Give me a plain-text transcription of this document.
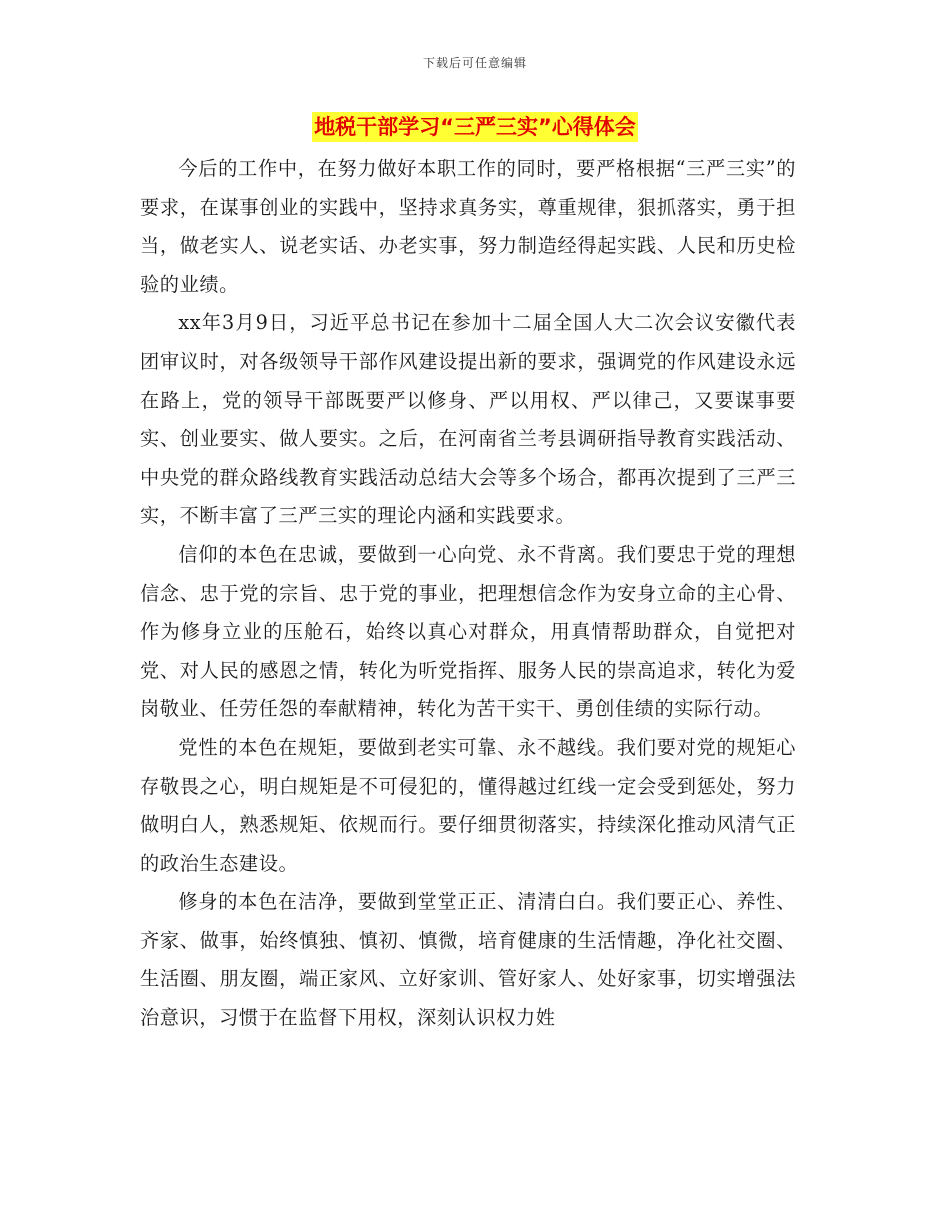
下载后可任意编辑
地税干部学习“三严三实”心得体会

今后的工作中，在努力做好本职工作的同时，要严格根据“三严三实”的要求，在谋事创业的实践中，坚持求真务实，尊重规律，狠抓落实，勇于担当，做老实人、说老实话、办老实事，努力制造经得起实践、人民和历史检验的业绩。

xx年3月9日，习近平总书记在参加十二届全国人大二次会议安徽代表团审议时，对各级领导干部作风建设提出新的要求，强调党的作风建设永远在路上，党的领导干部既要严以修身、严以用权、严以律己，又要谋事要实、创业要实、做人要实。之后，在河南省兰考县调研指导教育实践活动、中央党的群众路线教育实践活动总结大会等多个场合，都再次提到了三严三实，不断丰富了三严三实的理论内涵和实践要求。

信仰的本色在忠诚，要做到一心向党、永不背离。我们要忠于党的理想信念、忠于党的宗旨、忠于党的事业，把理想信念作为安身立命的主心骨、作为修身立业的压舱石，始终以真心对群众，用真情帮助群众，自觉把对党、对人民的感恩之情，转化为听党指挥、服务人民的崇高追求，转化为爱岗敬业、任劳任怨的奉献精神，转化为苦干实干、勇创佳绩的实际行动。

党性的本色在规矩，要做到老实可靠、永不越线。我们要对党的规矩心存敬畏之心，明白规矩是不可侵犯的，懂得越过红线一定会受到惩处，努力做明白人，熟悉规矩、依规而行。要仔细贯彻落实，持续深化推动风清气正的政治生态建设。

修身的本色在洁净，要做到堂堂正正、清清白白。我们要正心、养性、齐家、做事，始终慎独、慎初、慎微，培育健康的生活情趣，净化社交圈、生活圈、朋友圈，端正家风、立好家训、管好家人、处好家事，切实增强法治意识，习惯于在监督下用权，深刻认识权力姓
